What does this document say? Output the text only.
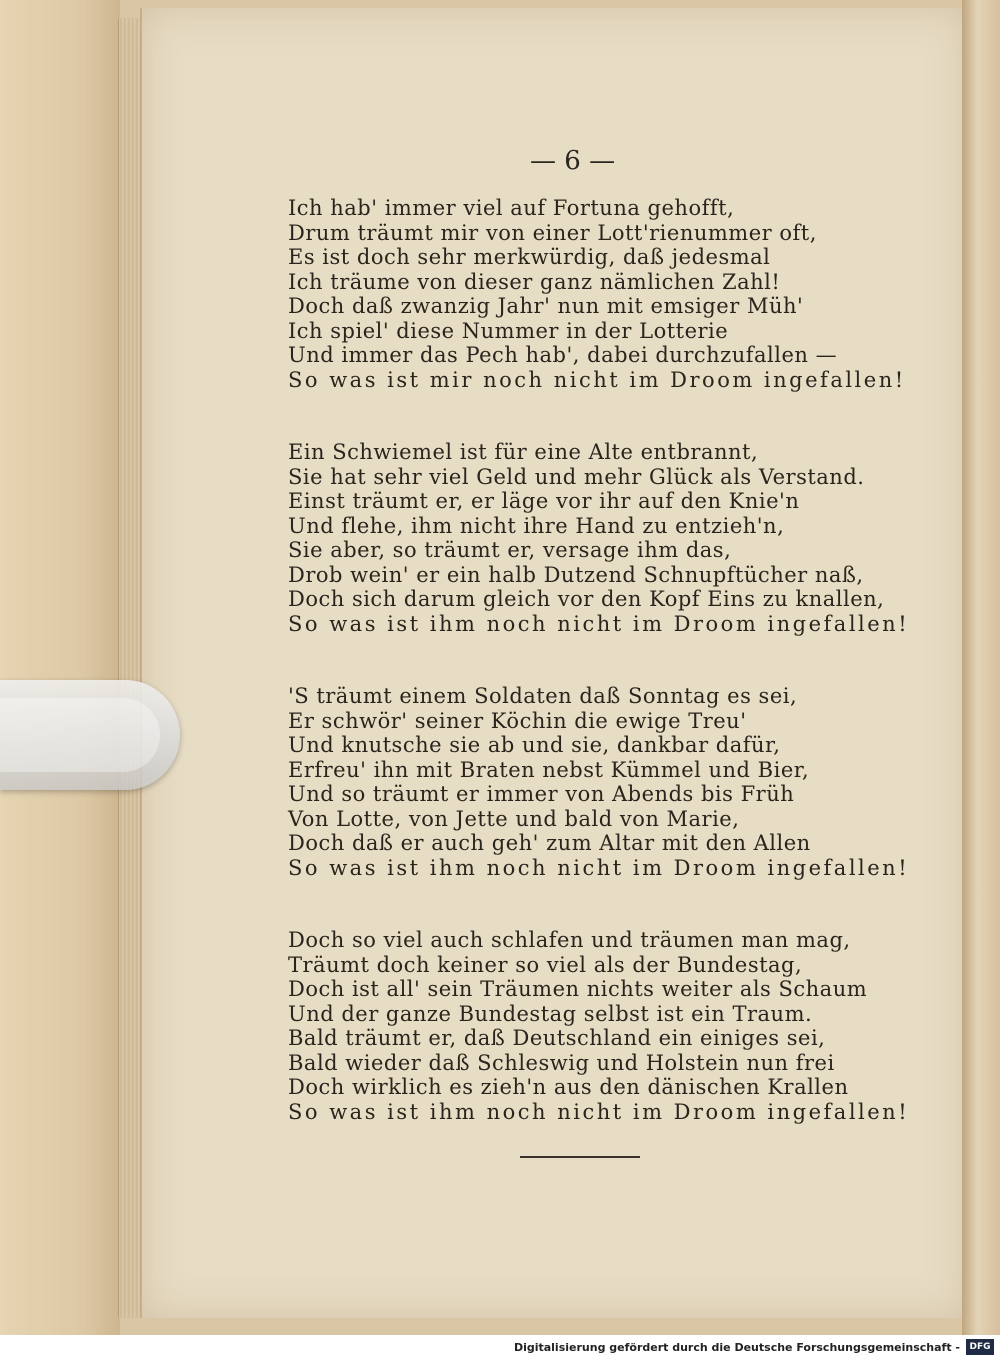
— 6 —
Ich hab' immer viel auf Fortuna gehofft,
Drum träumt mir von einer Lott'rienummer oft,
Es ist doch sehr merkwürdig, daß jedesmal
Ich träume von dieser ganz nämlichen Zahl!
Doch daß zwanzig Jahr' nun mit emsiger Müh'
Ich spiel' diese Nummer in der Lotterie
Und immer das Pech hab', dabei durchzufallen —
So was ist mir noch nicht im Droom ingefallen!
Ein Schwiemel ist für eine Alte entbrannt,
Sie hat sehr viel Geld und mehr Glück als Verstand.
Einst träumt er, er läge vor ihr auf den Knie'n
Und flehe, ihm nicht ihre Hand zu entzieh'n,
Sie aber, so träumt er, versage ihm das,
Drob wein' er ein halb Dutzend Schnupftücher naß,
Doch sich darum gleich vor den Kopf Eins zu knallen,
So was ist ihm noch nicht im Droom ingefallen!
'S träumt einem Soldaten daß Sonntag es sei,
Er schwör' seiner Köchin die ewige Treu'
Und knutsche sie ab und sie, dankbar dafür,
Erfreu' ihn mit Braten nebst Kümmel und Bier,
Und so träumt er immer von Abends bis Früh
Von Lotte, von Jette und bald von Marie,
Doch daß er auch geh' zum Altar mit den Allen
So was ist ihm noch nicht im Droom ingefallen!
Doch so viel auch schlafen und träumen man mag,
Träumt doch keiner so viel als der Bundestag,
Doch ist all' sein Träumen nichts weiter als Schaum
Und der ganze Bundestag selbst ist ein Traum.
Bald träumt er, daß Deutschland ein einiges sei,
Bald wieder daß Schleswig und Holstein nun frei
Doch wirklich es zieh'n aus den dänischen Krallen
So was ist ihm noch nicht im Droom ingefallen!
Digitalisierung gefördert durch die Deutsche Forschungsgemeinschaft -	DFG
